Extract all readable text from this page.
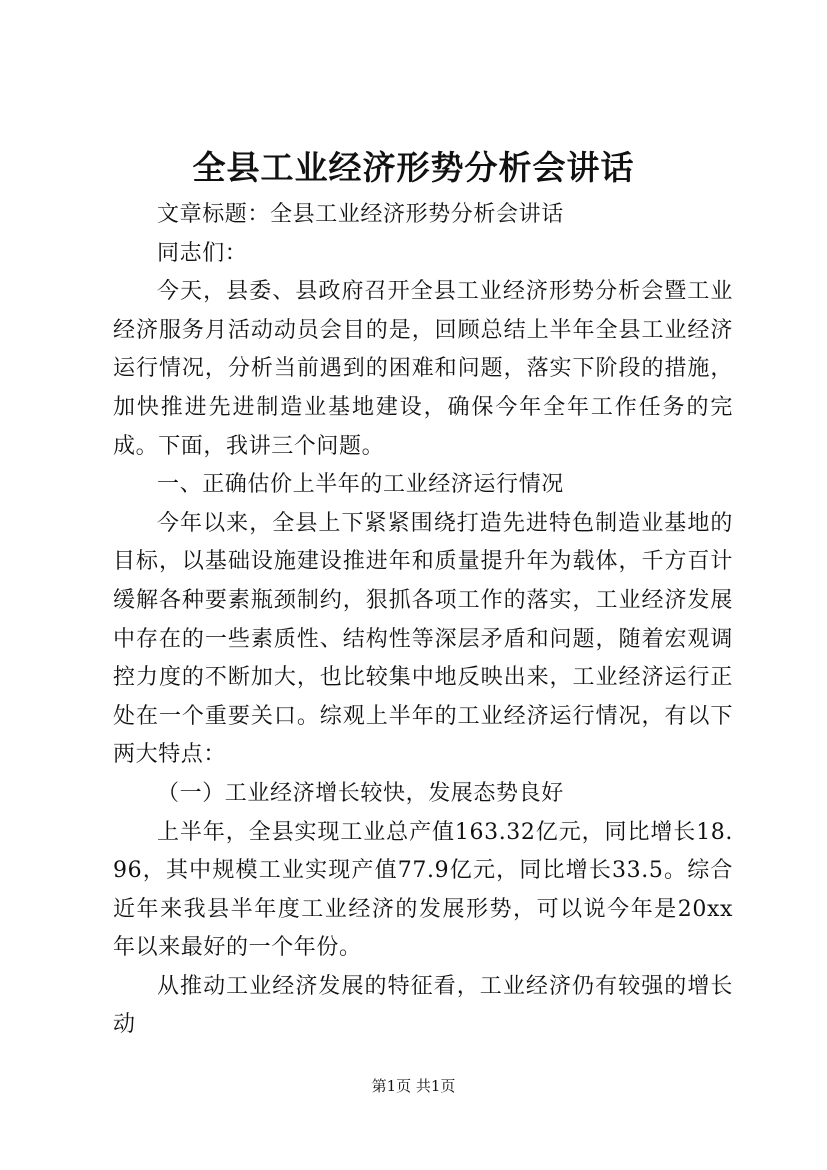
全县工业经济形势分析会讲话

文章标题：全县工业经济形势分析会讲话

同志们：

今天，县委、县政府召开全县工业经济形势分析会暨工业经济服务月活动动员会目的是，回顾总结上半年全县工业经济运行情况，分析当前遇到的困难和问题，落实下阶段的措施，加快推进先进制造业基地建设，确保今年全年工作任务的完成。下面，我讲三个问题。

一、正确估价上半年的工业经济运行情况

今年以来，全县上下紧紧围绕打造先进特色制造业基地的目标，以基础设施建设推进年和质量提升年为载体，千方百计缓解各种要素瓶颈制约，狠抓各项工作的落实，工业经济发展中存在的一些素质性、结构性等深层矛盾和问题，随着宏观调控力度的不断加大，也比较集中地反映出来，工业经济运行正处在一个重要关口。综观上半年的工业经济运行情况，有以下两大特点：

（一）工业经济增长较快，发展态势良好

上半年，全县实现工业总产值163.32亿元，同比增长18.96，其中规模工业实现产值77.9亿元，同比增长33.5。综合近年来我县半年度工业经济的发展形势，可以说今年是20xx年以来最好的一个年份。

从推动工业经济发展的特征看，工业经济仍有较强的增长动

第1页 共1页
